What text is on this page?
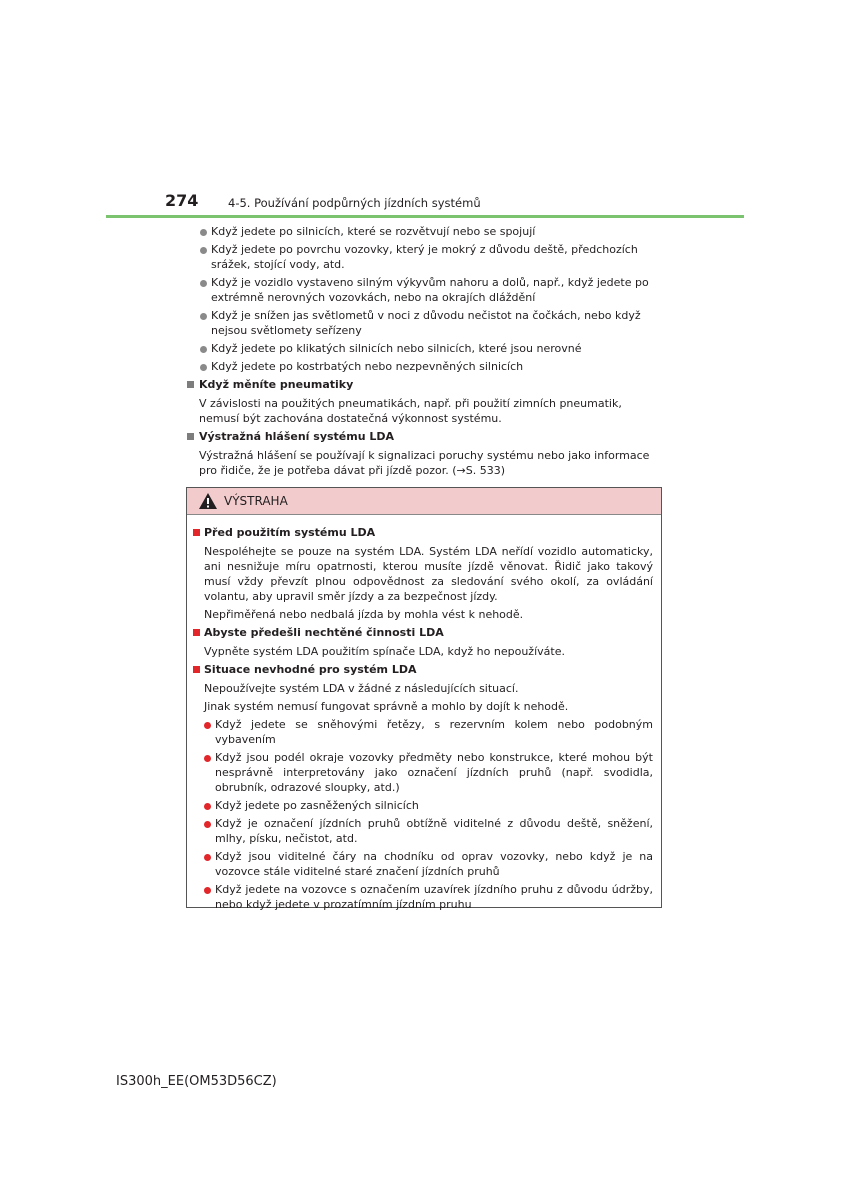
274	4-5. Používání podpůrných jízdních systémů
Když jedete po silnicích, které se rozvětvují nebo se spojují
Když jedete po povrchu vozovky, který je mokrý z důvodu deště, předchozích srážek, stojící vody, atd.
Když je vozidlo vystaveno silným výkyvům nahoru a dolů, např., když jedete po extrémně nerovných vozovkách, nebo na okrajích dláždění
Když je snížen jas světlometů v noci z důvodu nečistot na čočkách, nebo když nejsou světlomety seřízeny
Když jedete po klikatých silnicích nebo silnicích, které jsou nerovné
Když jedete po kostrbatých nebo nezpevněných silnicích
Když měníte pneumatiky
V závislosti na použitých pneumatikách, např. při použití zimních pneumatik, nemusí být zachována dostatečná výkonnost systému.
Výstražná hlášení systému LDA
Výstražná hlášení se používají k signalizaci poruchy systému nebo jako informace pro řidiče, že je potřeba dávat při jízdě pozor. (→S. 533)
VÝSTRAHA
Před použitím systému LDA
Nespoléhejte se pouze na systém LDA. Systém LDA neřídí vozidlo automaticky, ani nesnižuje míru opatrnosti, kterou musíte jízdě věnovat. Řidič jako takový musí vždy převzít plnou odpovědnost za sledování svého okolí, za ovládání volantu, aby upravil směr jízdy a za bezpečnost jízdy.
Nepřiměřená nebo nedbalá jízda by mohla vést k nehodě.
Abyste předešli nechtěné činnosti LDA
Vypněte systém LDA použitím spínače LDA, když ho nepoužíváte.
Situace nevhodné pro systém LDA
Nepoužívejte systém LDA v žádné z následujících situací.
Jinak systém nemusí fungovat správně a mohlo by dojít k nehodě.
Když jedete se sněhovými řetězy, s rezervním kolem nebo podobným vybavením
Když jsou podél okraje vozovky předměty nebo konstrukce, které mohou být nesprávně interpretovány jako označení jízdních pruhů (např. svodidla, obrubník, odrazové sloupky, atd.)
Když jedete po zasněžených silnicích
Když je označení jízdních pruhů obtížně viditelné z důvodu deště, sněžení, mlhy, písku, nečistot, atd.
Když jsou viditelné čáry na chodníku od oprav vozovky, nebo když je na vozovce stále viditelné staré značení jízdních pruhů
Když jedete na vozovce s označením uzavírek jízdního pruhu z důvodu údržby, nebo když jedete v prozatímním jízdním pruhu
IS300h_EE(OM53D56CZ)
